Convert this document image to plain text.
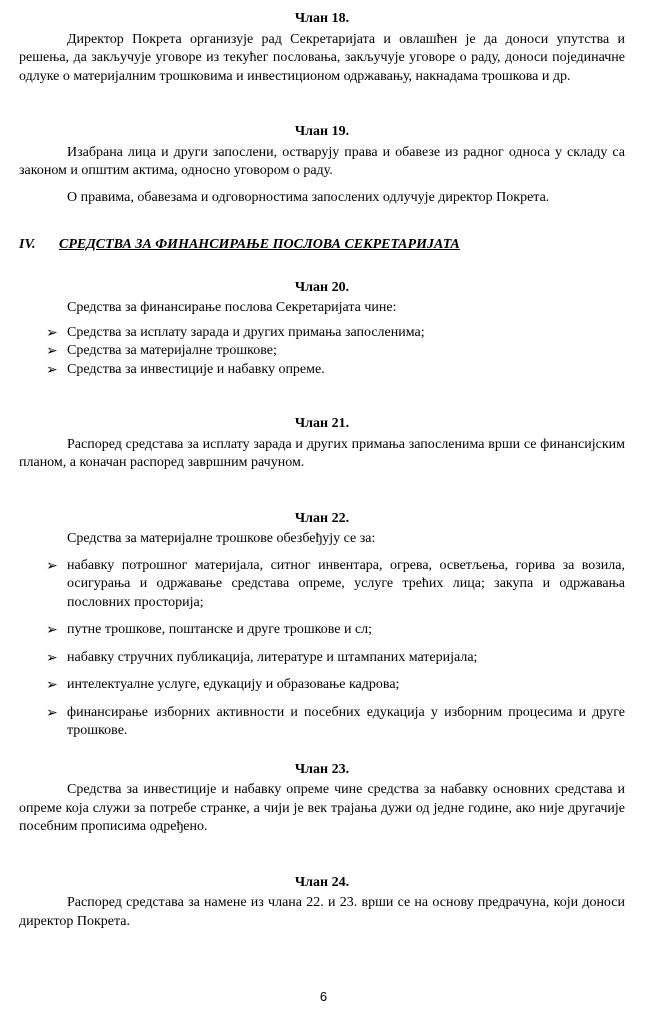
Члан 18.

Директор Покрета организује рад Секретаријата и овлашћен је да доноси упутства и решења, да закључује уговоре из текућег пословања, закључује уговоре о раду, доноси појединачне одлуке о материјалним трошковима и инвестиционом одржавању, накнадама трошкова и др.

Члан 19.

Изабрана лица и други запослени, остварују права и обавезе из радног односа у складу са законом и општим актима, односно уговором о раду.

О правима, обавезама и одговорностима запослених одлучује директор Покрета.

IV.	СРЕДСТВА ЗА ФИНАНСИРАЊЕ ПОСЛОВА СЕКРЕТАРИЈАТА

Члан 20.

Средства за финансирање послова Секретаријата чине:

➢ Средства за исплату зарада и других примања запосленима;
➢ Средства за материјалне трошкове;
➢ Средства за инвестиције и набавку опреме.

Члан 21.

Распоред средстава за исплату зарада и других примања запосленима врши се финансијским планом, а коначан распоред завршним рачуном.

Члан 22.

Средства за материјалне трошкове обезбеђују се за:

➢ набавку потрошног материјала, ситног инвентара, огрева, осветљења, горива за возила, осигурања и одржавање средстава опреме, услуге трећих лица; закупа и одржавања пословних просторија;
➢ путне трошкове, поштанске и друге трошкове и сл;
➢ набавку стручних публикација, литературе и штампаних материјала;
➢ интелектуалне услуге, едукацију и образовање кадрова;
➢ финансирање изборних активности и посебних едукација у изборним процесима и друге трошкове.

Члан 23.

Средства за инвестиције и набавку опреме чине средства за набавку основних средстава и опреме која служи за потребе странке, а чији је век трајања дужи од једне године, ако није другачије посебним прописима одређено.

Члан 24.

Распоред средстава за намене из члана 22. и 23. врши се на основу предрачуна, који доноси директор Покрета.

6
